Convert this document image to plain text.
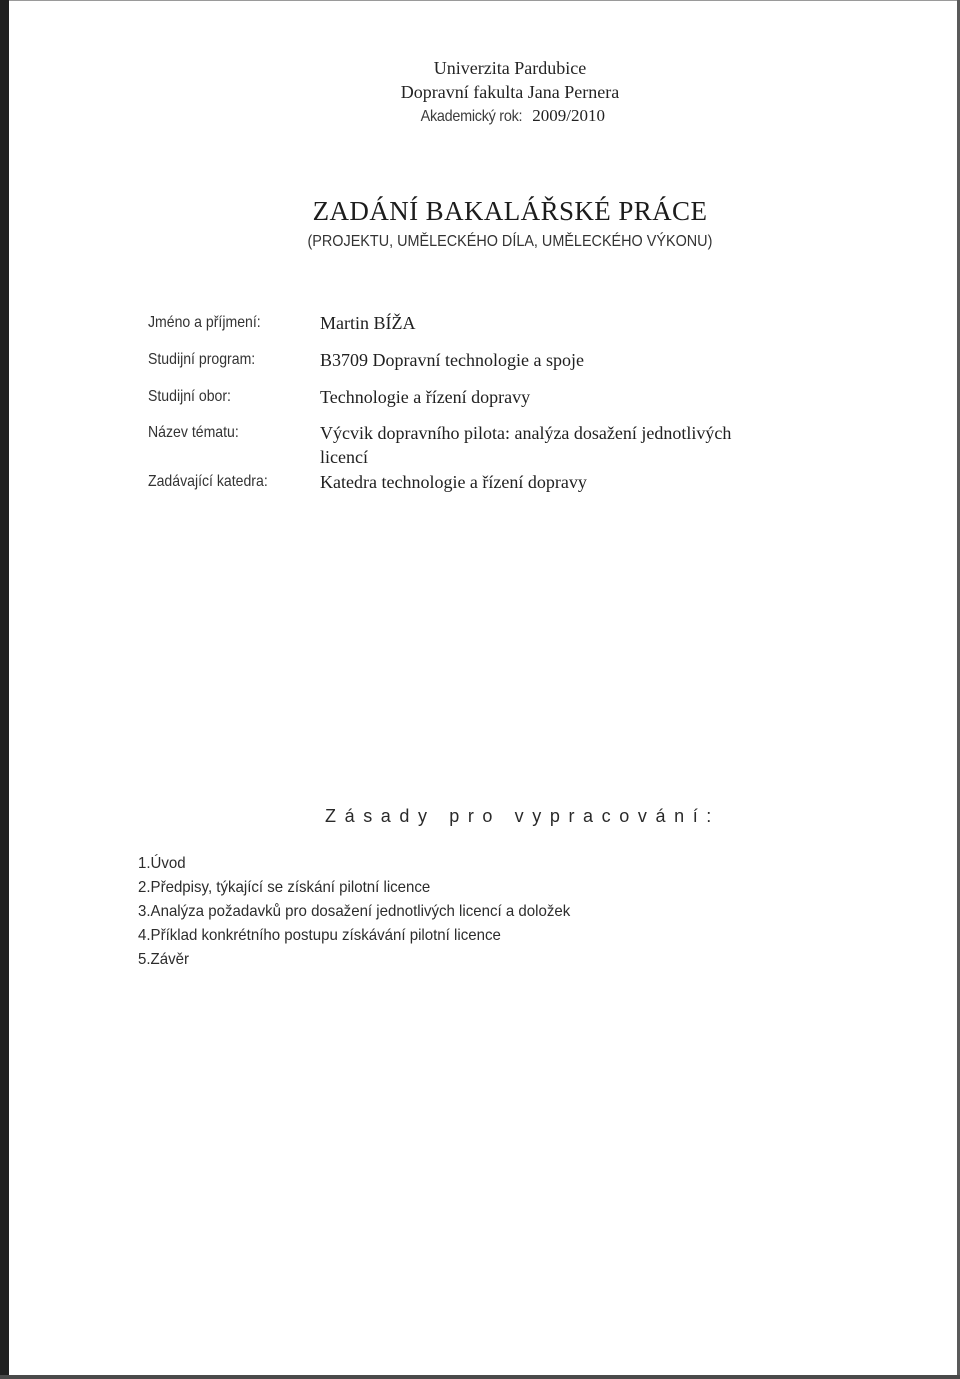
Univerzita Pardubice
Dopravní fakulta Jana Pernera
Akademický rok: 2009/2010
ZADÁNÍ BAKALÁŘSKÉ PRÁCE
(PROJEKTU, UMĚLECKÉHO DÍLA, UMĚLECKÉHO VÝKONU)
Jméno a příjmení:	Martin BÍŽA
Studijní program:	B3709 Dopravní technologie a spoje
Studijní obor:	Technologie a řízení dopravy
Název tématu:	Výcvik dopravního pilota: analýza dosažení jednotlivých
licencí
Zadávající katedra:	Katedra technologie a řízení dopravy
Zásady pro vypracování:
1.Úvod
2.Předpisy, týkající se získání pilotní licence
3.Analýza požadavků pro dosažení jednotlivých licencí a doložek
4.Příklad konkrétního postupu získávání pilotní licence
5.Závěr
